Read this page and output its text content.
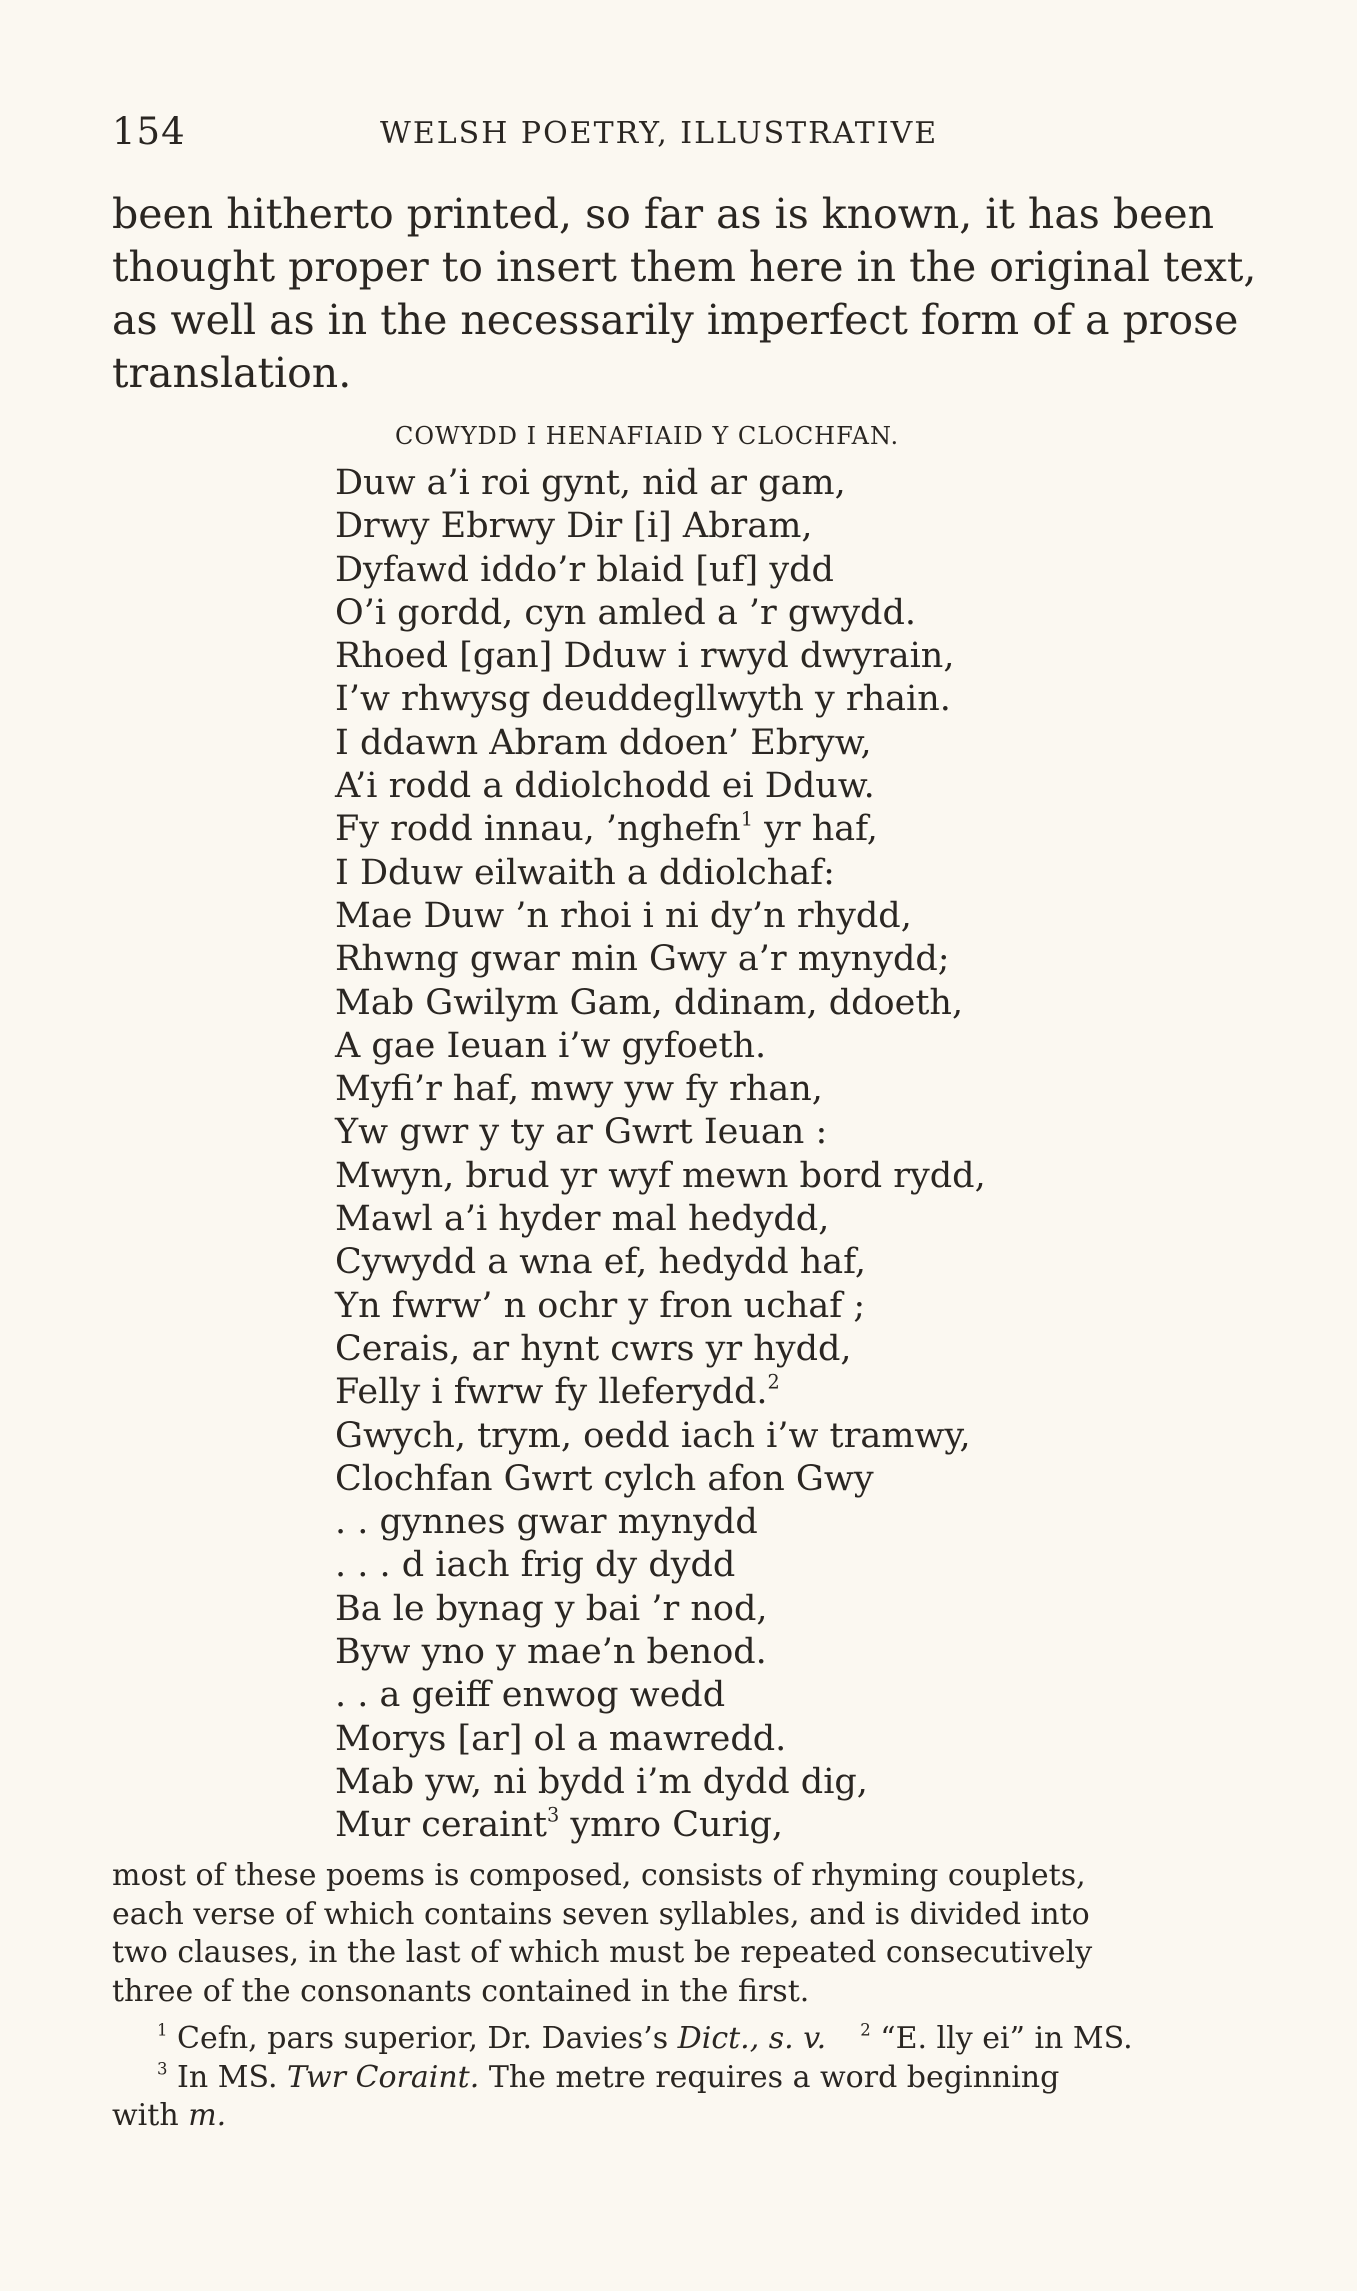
154	WELSH POETRY, ILLUSTRATIVE

been hitherto printed, so far as is known, it has been
thought proper to insert them here in the original text,
as well as in the necessarily imperfect form of a prose
translation.

COWYDD I HENAFIAID Y CLOCHFAN.
Duw a’i roi gynt, nid ar gam,
Drwy Ebrwy Dir [i] Abram,
Dyfawd iddo’r blaid [uf] ydd
O’i gordd, cyn amled a ’r gwydd.
Rhoed [gan] Dduw i rwyd dwyrain,
I’w rhwysg deuddegllwyth y rhain.
I ddawn Abram ddoen’ Ebryw,
A’i rodd a ddiolchodd ei Dduw.
Fy rodd innau, ’nghefn$^1$ yr haf,
I Dduw eilwaith a ddiolchaf:
Mae Duw ’n rhoi i ni dy’n rhydd,
Rhwng gwar min Gwy a’r mynydd;
Mab Gwilym Gam, ddinam, ddoeth,
A gae Ieuan i’w gyfoeth.
Myfi’r haf, mwy yw fy rhan,
Yw gwr y ty ar Gwrt Ieuan :
Mwyn, brud yr wyf mewn bord rydd,
Mawl a’i hyder mal hedydd,
Cywydd a wna ef, hedydd haf,
Yn fwrw’ n ochr y fron uchaf ;
Cerais, ar hynt cwrs yr hydd,
Felly i fwrw fy lleferydd.$^2$
Gwych, trym, oedd iach i’w tramwy,
Clochfan Gwrt cylch afon Gwy
. . gynnes gwar mynydd
. . . d iach frig dy dydd
Ba le bynag y bai ’r nod,
Byw yno y mae’n benod.
. . a geiff enwog wedd
Morys [ar] ol a mawredd.
Mab yw, ni bydd i’m dydd dig,
Mur ceraint$^3$ ymro Curig,
most of these poems is composed, consists of rhyming couplets,
each verse of which contains seven syllables, and is divided into
two clauses, in the last of which must be repeated consecutively
three of the consonants contained in the first.
$^1$ Cefn, pars superior, Dr. Davies’s Dict., s. v. $^2$ “E. lly ei” in MS.
$^3$ In MS. Twr Coraint. The metre requires a word beginning
with m.
